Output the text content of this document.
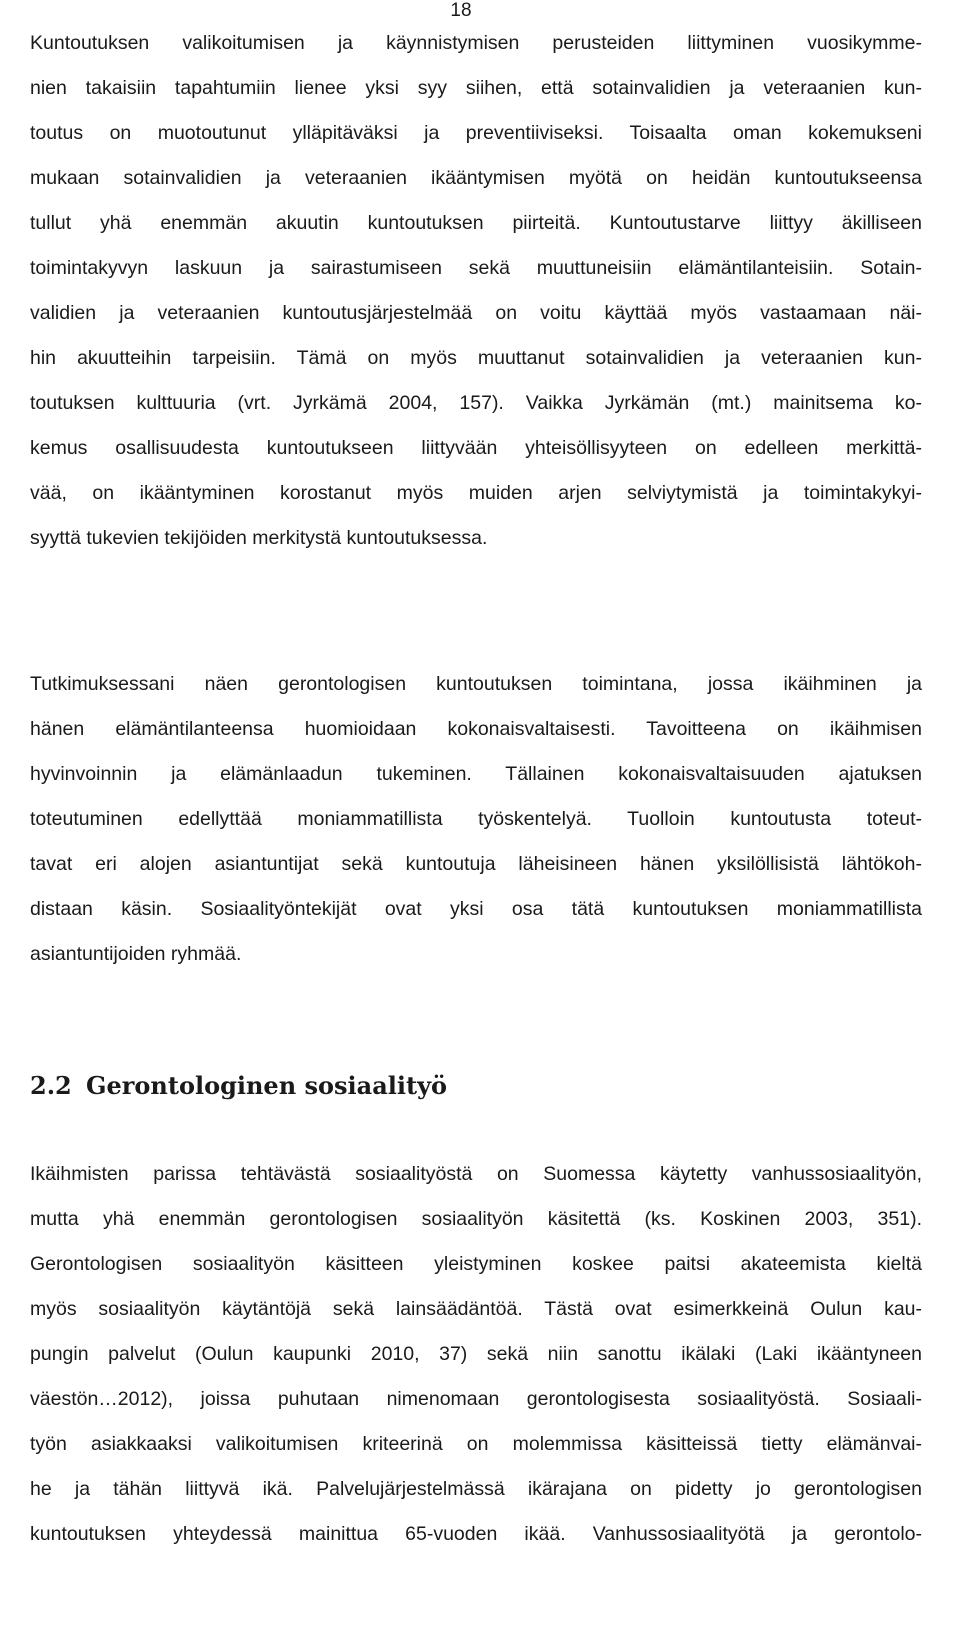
18
Kuntoutuksen valikoitumisen ja käynnistymisen perusteiden liittyminen vuosikymme-
nien takaisiin tapahtumiin lienee yksi syy siihen, että sotainvalidien ja veteraanien kun-
toutus on muotoutunut ylläpitäväksi ja preventiiviseksi. Toisaalta oman kokemukseni
mukaan sotainvalidien ja veteraanien ikääntymisen myötä on heidän kuntoutukseensa
tullut yhä enemmän akuutin kuntoutuksen piirteitä. Kuntoutustarve liittyy äkilliseen
toimintakyvyn laskuun ja sairastumiseen sekä muuttuneisiin elämäntilanteisiin. Sotain-
validien ja veteraanien kuntoutusjärjestelmää on voitu käyttää myös vastaamaan näi-
hin akuutteihin tarpeisiin. Tämä on myös muuttanut sotainvalidien ja veteraanien kun-
toutuksen kulttuuria (vrt. Jyrkämä 2004, 157). Vaikka Jyrkämän (mt.) mainitsema ko-
kemus osallisuudesta kuntoutukseen liittyvään yhteisöllisyyteen on edelleen merkittä-
vää, on ikääntyminen korostanut myös muiden arjen selviytymistä ja toimintakykyi-
syyttä tukevien tekijöiden merkitystä kuntoutuksessa.
Tutkimuksessani näen gerontologisen kuntoutuksen toimintana, jossa ikäihminen ja
hänen elämäntilanteensa huomioidaan kokonaisvaltaisesti. Tavoitteena on ikäihmisen
hyvinvoinnin ja elämänlaadun tukeminen. Tällainen kokonaisvaltaisuuden ajatuksen
toteutuminen edellyttää moniammatillista työskentelyä. Tuolloin kuntoutusta toteut-
tavat eri alojen asiantuntijat sekä kuntoutuja läheisineen hänen yksilöllisistä lähtökoh-
distaan käsin. Sosiaalityöntekijät ovat yksi osa tätä kuntoutuksen moniammatillista
asiantuntijoiden ryhmää.
2.2 Gerontologinen sosiaalityö
Ikäihmisten parissa tehtävästä sosiaalityöstä on Suomessa käytetty vanhussosiaalityön,
mutta yhä enemmän gerontologisen sosiaalityön käsitettä (ks. Koskinen 2003, 351).
Gerontologisen sosiaalityön käsitteen yleistyminen koskee paitsi akateemista kieltä
myös sosiaalityön käytäntöjä sekä lainsäädäntöä. Tästä ovat esimerkkeinä Oulun kau-
pungin palvelut (Oulun kaupunki 2010, 37) sekä niin sanottu ikälaki (Laki ikääntyneen
väestön…2012), joissa puhutaan nimenomaan gerontologisesta sosiaalityöstä. Sosiaali-
työn asiakkaaksi valikoitumisen kriteerinä on molemmissa käsitteissä tietty elämänvai-
he ja tähän liittyvä ikä. Palvelujärjestelmässä ikärajana on pidetty jo gerontologisen
kuntoutuksen yhteydessä mainittua 65-vuoden ikää. Vanhussosiaalityötä ja gerontolo-
